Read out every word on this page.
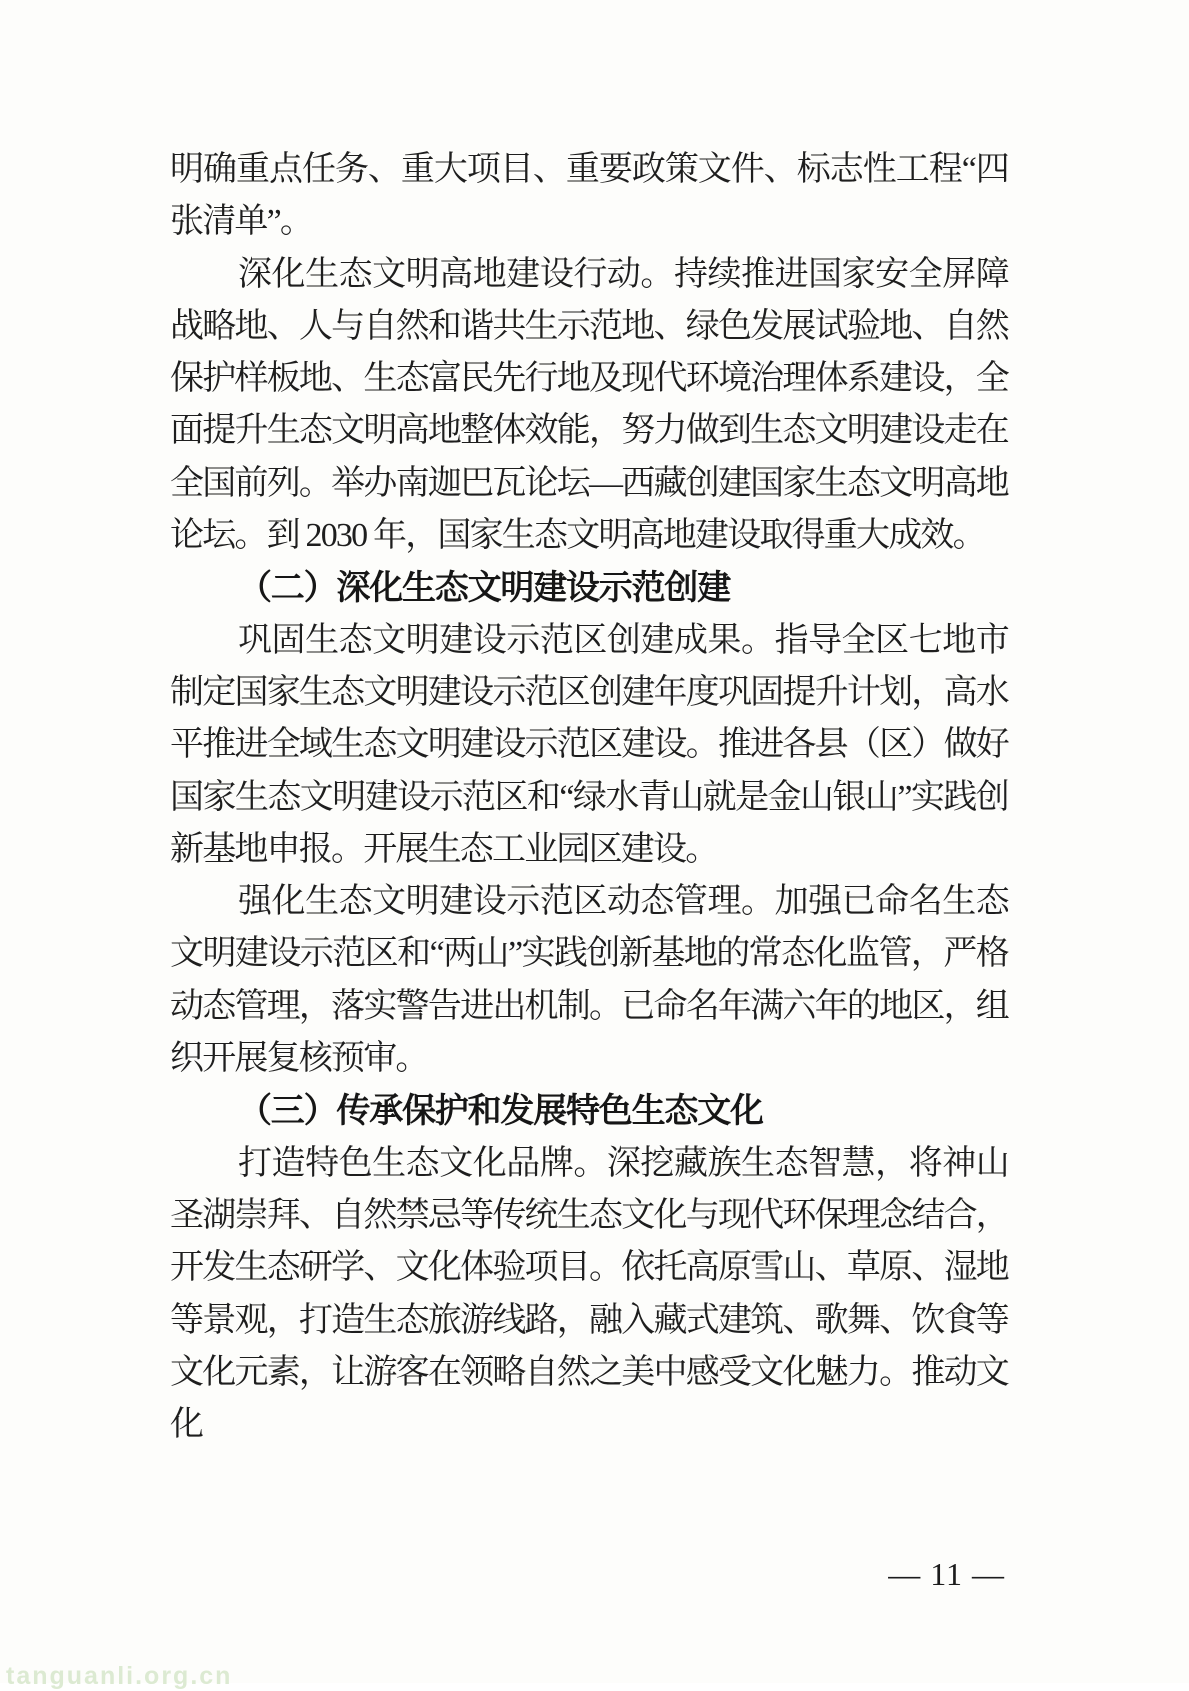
明确重点任务、重大项目、重要政策文件、标志性工程“四张清单”。

深化生态文明高地建设行动。持续推进国家安全屏障战略地、人与自然和谐共生示范地、绿色发展试验地、自然保护样板地、生态富民先行地及现代环境治理体系建设，全面提升生态文明高地整体效能，努力做到生态文明建设走在全国前列。举办南迦巴瓦论坛—西藏创建国家生态文明高地论坛。到 2030 年，国家生态文明高地建设取得重大成效。

（二）深化生态文明建设示范创建

巩固生态文明建设示范区创建成果。指导全区七地市制定国家生态文明建设示范区创建年度巩固提升计划，高水平推进全域生态文明建设示范区建设。推进各县（区）做好国家生态文明建设示范区和“绿水青山就是金山银山”实践创新基地申报。开展生态工业园区建设。

强化生态文明建设示范区动态管理。加强已命名生态文明建设示范区和“两山”实践创新基地的常态化监管，严格动态管理，落实警告进出机制。已命名年满六年的地区，组织开展复核预审。

（三）传承保护和发展特色生态文化

打造特色生态文化品牌。深挖藏族生态智慧，将神山圣湖崇拜、自然禁忌等传统生态文化与现代环保理念结合，开发生态研学、文化体验项目。依托高原雪山、草原、湿地等景观，打造生态旅游线路，融入藏式建筑、歌舞、饮食等文化元素，让游客在领略自然之美中感受文化魅力。推动文化

— 11 —
tanguanli.org.cn
